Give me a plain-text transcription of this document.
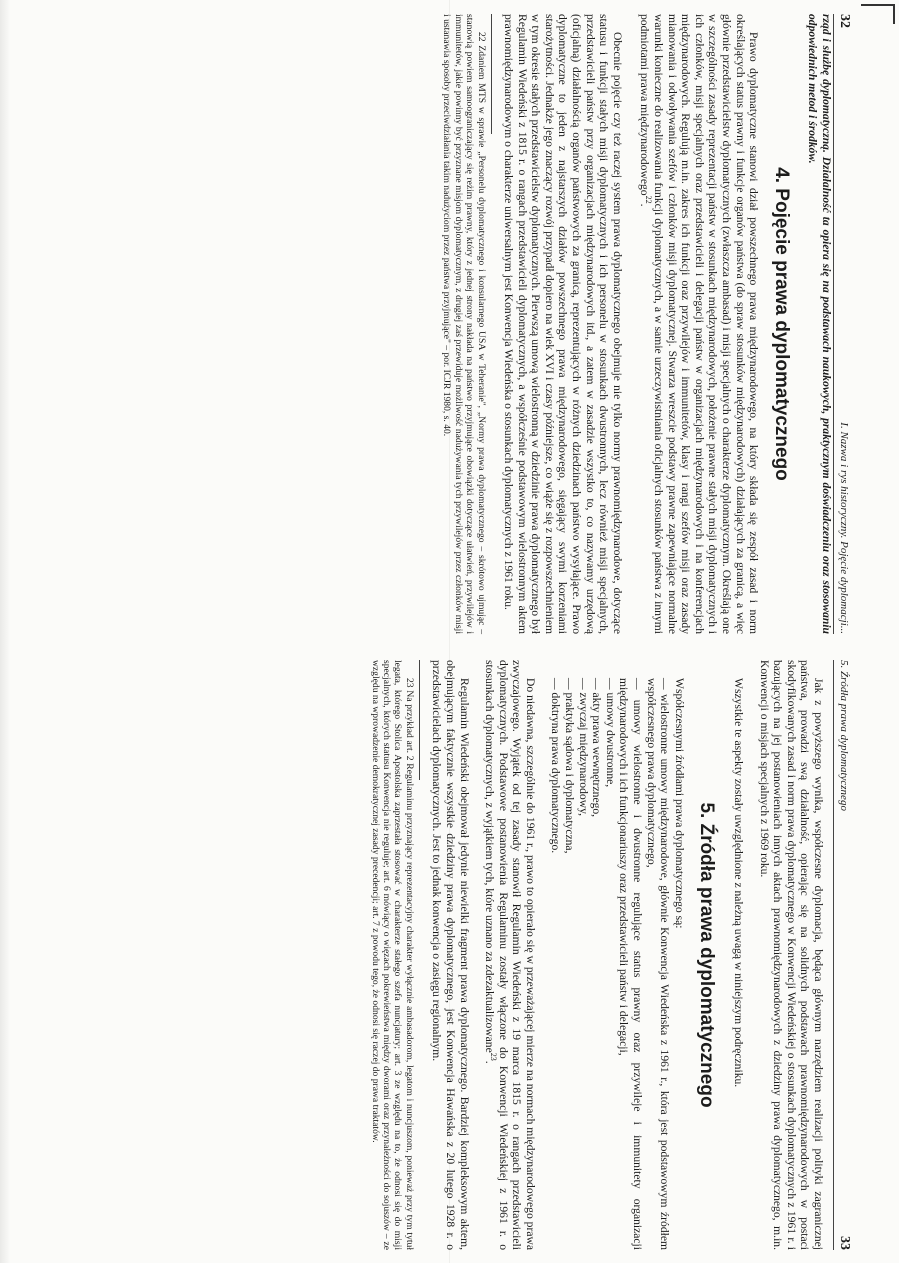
32
I. Nazwa i rys historyczny. Pojęcie dyplomacji...

rząd i służbę dyplomatyczną. Działalność ta opiera się na podstawach naukowych, praktycznym doświadczeniu oraz stosowaniu odpowiednich metod i środków.

4. Pojęcie prawa dyplomatycznego

Prawo dyplomatyczne stanowi dział powszechnego prawa międzynarodowego, na który składa się zespół zasad i norm określających status prawny i funkcje organów państwa (do spraw stosunków międzynarodowych) działających za granicą, a więc głównie przedstawicielstw dyplomatycznych (zwłaszcza ambasad) i misji specjalnych o charakterze dyplomatycznym. Określają one w szczególności zasady reprezentacji państw w stosunkach międzynarodowych, położenie prawne stałych misji dyplomatycznych i ich członków, misji specjalnych oraz przedstawicieli i delegacji państw w organizacjach międzynarodowych i na konferencjach międzynarodowych. Regulują m.in. zakres ich funkcji oraz przywilejów i immunitetów, klasy i rangi szefów misji oraz zasady mianowania i odwoływania szefów i członków misji dyplomatycznej. Stwarza wreszcie podstawy prawne zapewniające normalne warunki konieczne do realizowania funkcji dyplomatycznych, a w samie urzeczywistniania oficjalnych stosunków państwa z innymi podmiotami prawa międzynarodowego$^{22}$.

Obecnie pojęcie czy też raczej system prawa dyplomatycznego obejmuje nie tylko normy prawnomiędzynarodowe, dotyczące statusu i funkcji stałych misji dyplomatycznych i ich personelu w stosunkach dwustronnych, lecz również misji specjalnych, przedstawicieli państw przy organizacjach międzynarodowych itd., a zatem w zasadzie wszystko to, co nazywamy urzędową (oficjalną) działalnością organów państwowych za granicą, reprezentujących w różnych dziedzinach państwo wysyłające. Prawo dyplomatyczne to jeden z najstarszych działów powszechnego prawa międzynarodowego, sięgający swymi korzeniami starożytności. Jednakże jego znaczący rozwój przypadł dopiero na wiek XVI i czasy późniejsze, co wiąże się z rozpowszechnieniem w tym okresie stałych przedstawicielstw dyplomatycznych. Pierwszą umową wielostronną w dziedzinie prawa dyplomatycznego był Regulamin Wiedeński z 1815 r. o rangach przedstawicieli dyplomatycznych, a współcześnie podstawowym wielostronnym aktem prawnomiędzynarodowym o charakterze uniwersalnym jest Konwencja Wiedeńska o stosunkach dyplomatycznych z 1961 roku.

22 Zdaniem MTS w sprawie „Personelu dyplomatycznego i konsularnego USA w Teheranie", „Normy prawa dyplomatycznego – skrótowo ujmując – stanowią powiem samoograniczający się reżim prawny, który z jednej strony nakłada na państwo przyjmujące obowiązki dotyczące ułatwień, przywilejów i immunitetów, jakie powinny być przyznane misjom dyplomatycznym, z drugiej zaś przewiduje możliwość nadużywania tych przywilejów przez członków misji i ustanawia sposoby przeciwdziałania takim nadużyciom przez państwa przyjmujące" – por. ICJR 1980, s. 40.

5. Źródła prawa dyplomatycznego
33

Jak z powyższego wynika, współczesne dyplomacja, będąca głównym narzędziem realizacji polityki zagranicznej państwa, prowadzi swą działalność, opierając się na solidnych podstawach prawnomiędzynarodowych w postaci skodyfikowanych zasad i norm prawa dyplomatycznego w Konwencji Wiedeńskiej o stosunkach dyplomatycznych z 1961 r. i bazujących na jej postanowieniach innych aktach prawnomiędzynarodowych z dziedziny prawa dyplomatycznego, m.in. Konwencji o misjach specjalnych z 1969 roku.

Wszystkie te aspekty zostały uwzględnione z należną uwagą w niniejszym podręczniku.

5. Źródła prawa dyplomatycznego

Współczesnymi źródłami prawa dyplomatycznego są:

— wielostronne umowy międzynarodowe, głównie Konwencja Wiedeńska z 1961 r., która jest podstawowym źródłem współczesnego prawa dyplomatycznego,
— umowy wielostronne i dwustronne regulujące status prawny oraz przywileje i immunitety organizacji międzynarodowych i ich funkcjonariuszy oraz przedstawicieli państw i delegacji,
— umowy dwustronne,
— akty prawa wewnętrznego,
— zwyczaj międzynarodowy,
— praktyka sądowa i dyplomatyczna,
— doktryna prawa dyplomatycznego.

Do niedawna, szczególnie do 1961 r., prawo to opierało się w przeważającej mierze na normach międzynarodowego prawa zwyczajowego. Wyjątek od tej zasady stanowił Regulamin Wiedeński z 19 marca 1815 r. o rangach przedstawicieli dyplomatycznych. Podstawowe postanowienia Regulaminu zostały włączone do Konwencji Wiedeńskiej z 1961 r. o stosunkach dyplomatycznych, z wyjątkiem tych, które uznano za zdezaktualizowane$^{23}$.

Regulamin Wiedeński obejmował jedynie niewielki fragment prawa dyplomatycznego. Bardziej kompleksowym aktem, obejmującym faktycznie wszystkie dziedziny prawa dyplomatycznego, jest Konwencja Hawańska z 20 lutego 1928 r. o przedstawicielach dyplomatycznych. Jest to jednak konwencja o zasięgu regionalnym.

23 Na przykład art. 2 Regulaminu przyznający reprezentacyjny charakter wyłącznie ambasadorom, legatom i nuncjuszom, ponieważ przy tym tytuł legata, którego Stolica Apostolska zaprzestała stosować w charakterze stałego szefa nuncjatury; art. 3 ze względu na to, że odnosi się do misji specjalnych, których statusu Konwencja nie reguluje; art. 6 mówiący o więzach pokrewieństwa między dworami oraz przynależności do sojuszów – ze względu na wprowadzenie demokratycznej zasady precedencji; art. 7 z powodu tego, że odnosi się raczej do prawa traktatów.
